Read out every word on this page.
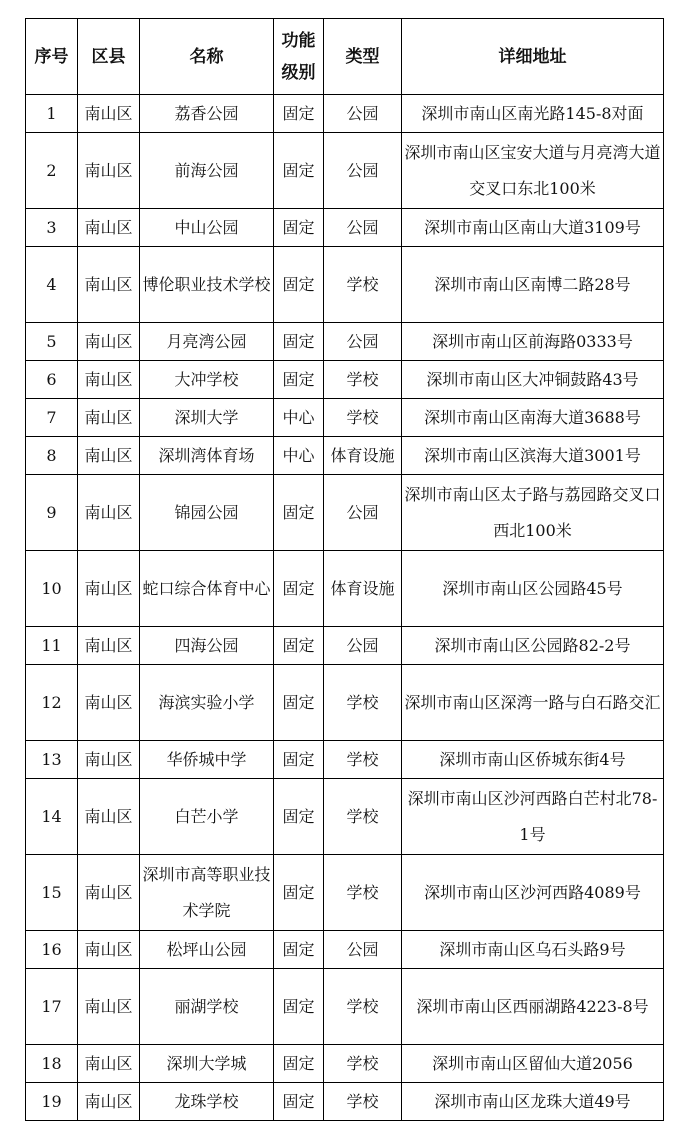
序号	区县	名称	功能级别	类型	详细地址
1	南山区	荔香公园	固定	公园	深圳市南山区南光路145-8对面
2	南山区	前海公园	固定	公园	深圳市南山区宝安大道与月亮湾大道交叉口东北100米
3	南山区	中山公园	固定	公园	深圳市南山区南山大道3109号
4	南山区	博伦职业技术学校	固定	学校	深圳市南山区南博二路28号
5	南山区	月亮湾公园	固定	公园	深圳市南山区前海路0333号
6	南山区	大冲学校	固定	学校	深圳市南山区大冲铜鼓路43号
7	南山区	深圳大学	中心	学校	深圳市南山区南海大道3688号
8	南山区	深圳湾体育场	中心	体育设施	深圳市南山区滨海大道3001号
9	南山区	锦园公园	固定	公园	深圳市南山区太子路与荔园路交叉口西北100米
10	南山区	蛇口综合体育中心	固定	体育设施	深圳市南山区公园路45号
11	南山区	四海公园	固定	公园	深圳市南山区公园路82-2号
12	南山区	海滨实验小学	固定	学校	深圳市南山区深湾一路与白石路交汇
13	南山区	华侨城中学	固定	学校	深圳市南山区侨城东街4号
14	南山区	白芒小学	固定	学校	深圳市南山区沙河西路白芒村北78-1号
15	南山区	深圳市高等职业技术学院	固定	学校	深圳市南山区沙河西路4089号
16	南山区	松坪山公园	固定	公园	深圳市南山区乌石头路9号
17	南山区	丽湖学校	固定	学校	深圳市南山区西丽湖路4223-8号
18	南山区	深圳大学城	固定	学校	深圳市南山区留仙大道2056
19	南山区	龙珠学校	固定	学校	深圳市南山区龙珠大道49号
